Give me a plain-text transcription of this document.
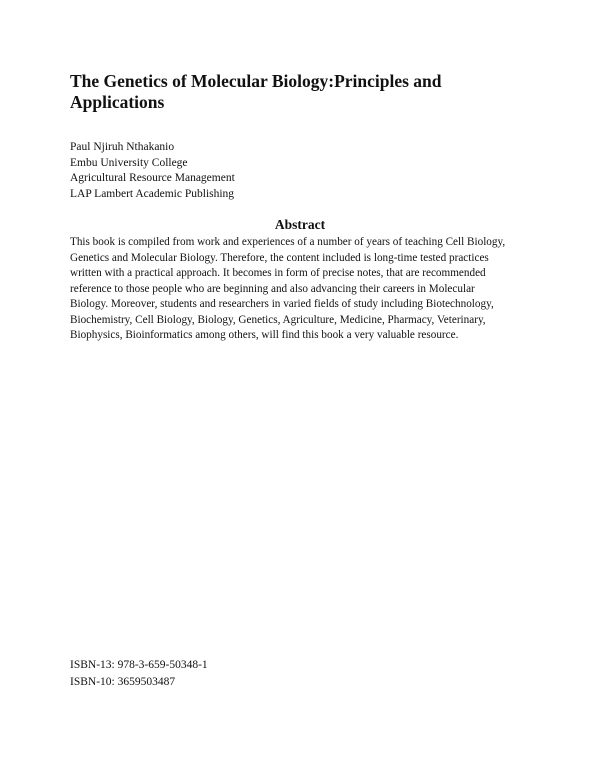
The Genetics of Molecular Biology:Principles and
Applications
Paul Njiruh Nthakanio
Embu University College
Agricultural Resource Management
LAP Lambert Academic Publishing
Abstract

This book is compiled from work and experiences of a number of years of teaching Cell Biology,
Genetics and Molecular Biology. Therefore, the content included is long-time tested practices
written with a practical approach. It becomes in form of precise notes, that are recommended
reference to those people who are beginning and also advancing their careers in Molecular
Biology. Moreover, students and researchers in varied fields of study including Biotechnology,
Biochemistry, Cell Biology, Biology, Genetics, Agriculture, Medicine, Pharmacy, Veterinary,
Biophysics, Bioinformatics among others, will find this book a very valuable resource.

ISBN-13: 978-3-659-50348-1
ISBN-10: 3659503487
